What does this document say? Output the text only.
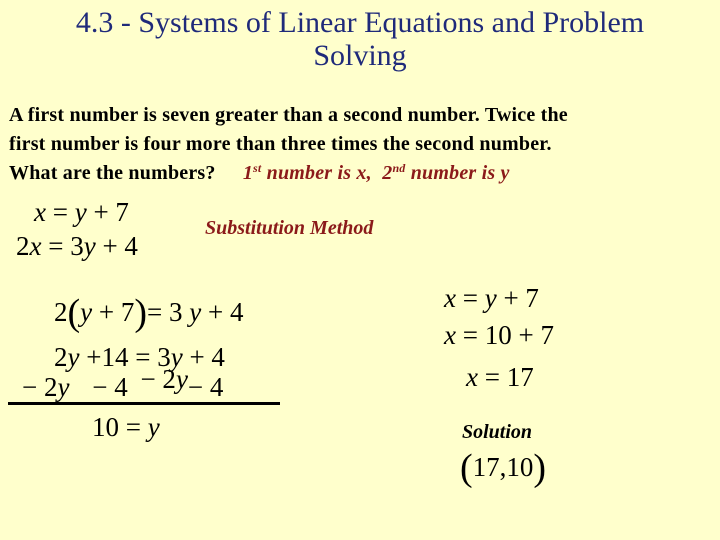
4.3 - Systems of Linear Equations and Problem
Solving
A first number is seven greater than a second number. Twice the
first number is four more than three times the second number.
What are the numbers? 1st number is x,  2nd number is y
x = y + 7
2x = 3y + 4
Substitution Method
2(y + 7)= 3 y + 4
2y +14 = 3y + 4
− 2y − 4 − 2y− 4
10 = y
x = y + 7
x = 10 + 7
x = 17
Solution
(17,10)
